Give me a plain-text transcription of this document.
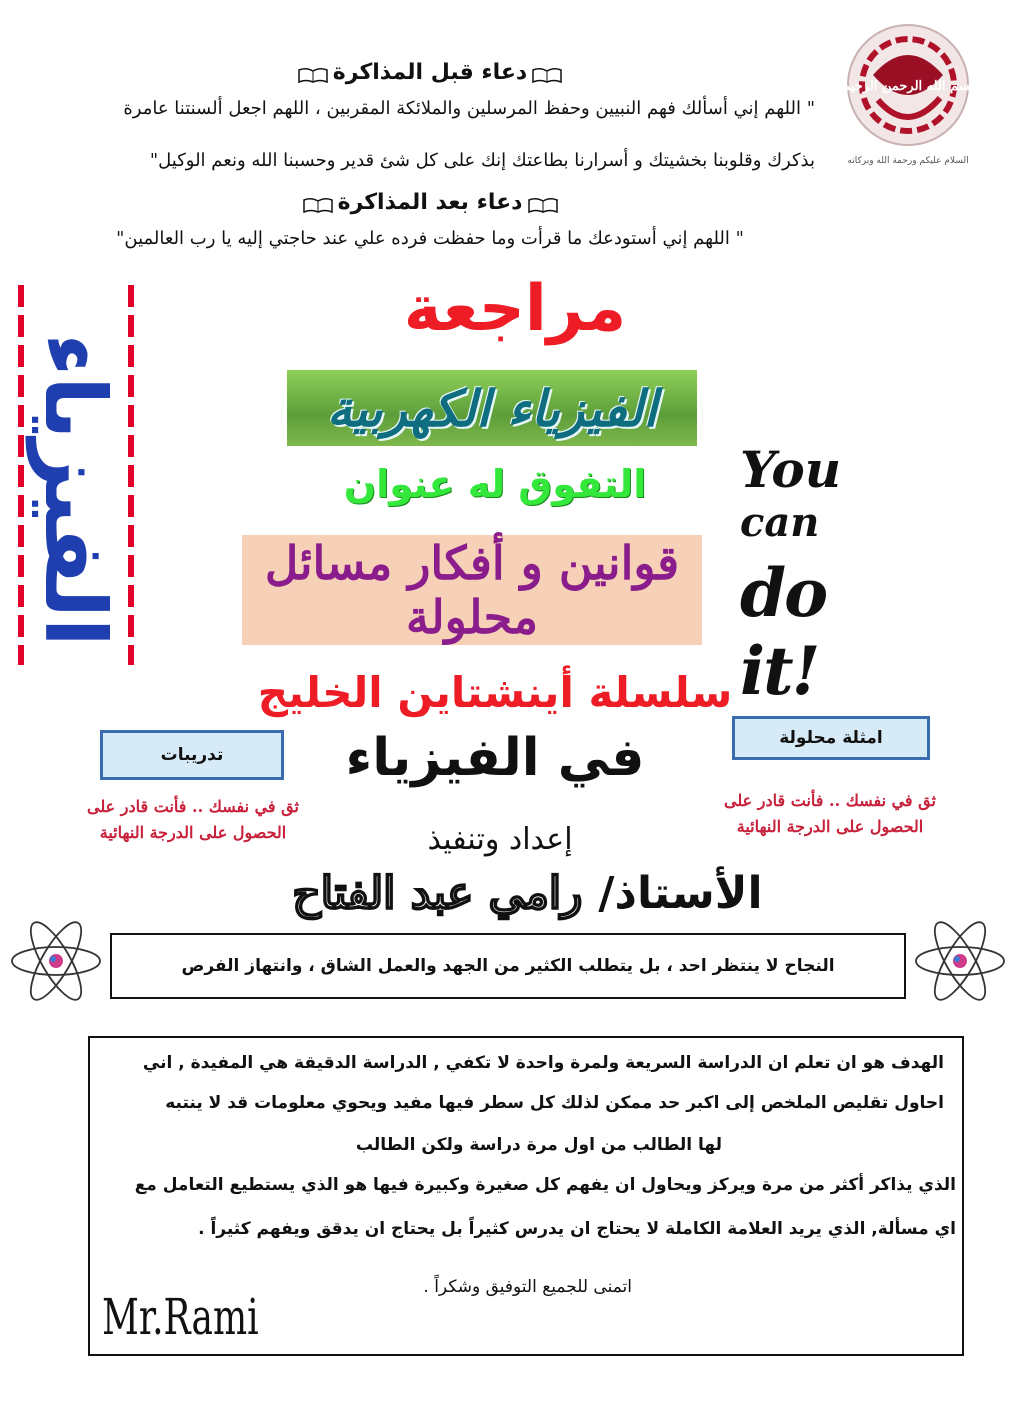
بسم الله الرحمن الرحيم
السلام عليكم ورحمة الله وبركاته
دعاء قبل المذاكرة
" اللهم إني أسألك فهم النبيين وحفظ المرسلين والملائكة المقربين ، اللهم اجعل ألسنتنا عامرة
بذكرك وقلوبنا بخشيتك و أسرارنا بطاعتك إنك على كل شئ قدير وحسبنا الله ونعم الوكيل"
دعاء بعد المذاكرة
" اللهم إني أستودعك ما قرأت وما حفظت فرده علي عند حاجتي إليه يا رب العالمين"
الفيزياء
مراجعة
الفيزياء الكهربية
التفوق له عنوان	You can
do it!
قوانين و أفكار مسائل محلولة
سلسلة أينشتاين الخليج
امثلة محلولة
تدريبات	في الفيزياء
ثق في نفسك .. فأنت قادر على
الحصول على الدرجة النهائية
ثق في نفسك .. فأنت قادر على
الحصول على الدرجة النهائية	إعداد وتنفيذ
الأستاذ/
رامي عبد الفتاح
النجاح لا ينتظر احد ، بل يتطلب الكثير من الجهد والعمل الشاق ، وانتهاز الفرص
الهدف هو ان تعلم ان الدراسة السريعة ولمرة واحدة لا تكفي , الدراسة الدقيقة هي المفيدة , اني
احاول تقليص الملخص إلى اكبر حد ممكن لذلك كل سطر فيها مفيد ويحوي معلومات قد لا ينتبه
لها الطالب من اول مرة دراسة ولكن الطالب
الذي يذاكر أكثر من مرة ويركز ويحاول ان يفهم كل صغيرة وكبيرة فيها هو الذي يستطيع التعامل مع
اي مسألة, الذي يريد العلامة الكاملة لا يحتاج ان يدرس كثيراً بل يحتاج ان يدقق ويفهم كثيراً .
اتمنى للجميع التوفيق وشكراً .
Mr.Rami
